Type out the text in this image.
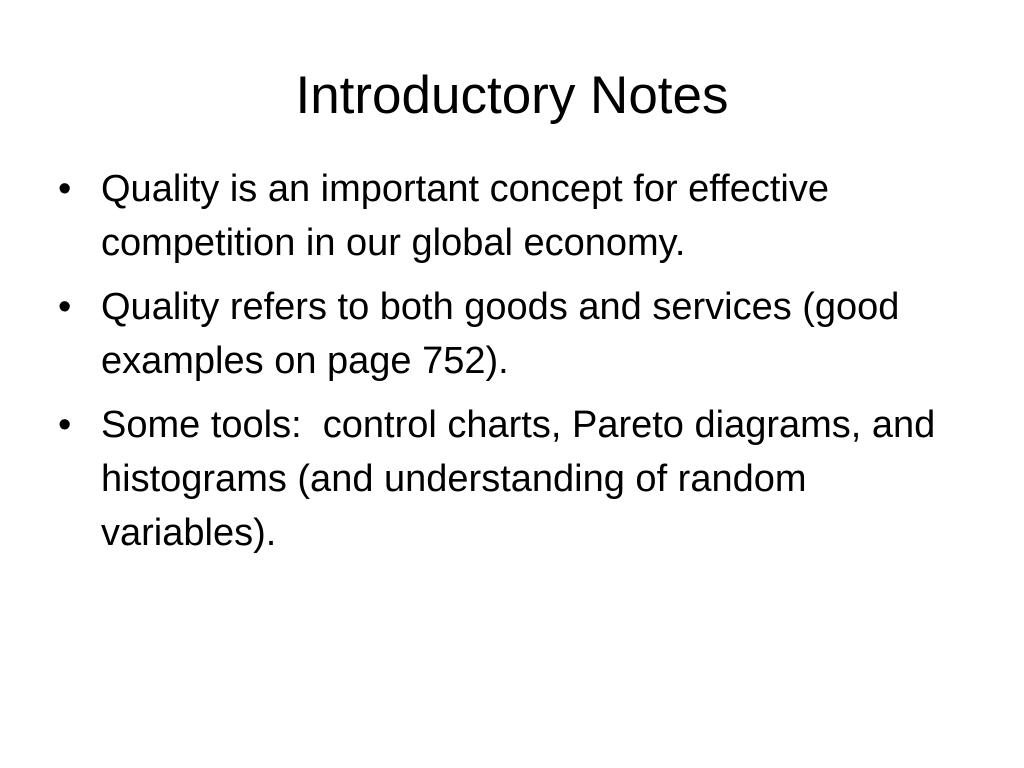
Introductory Notes
• Quality is an important concept for effective competition in our global economy.
• Quality refers to both goods and services (good examples on page 752).
• Some tools:  control charts, Pareto diagrams, and histograms (and understanding of random variables).
